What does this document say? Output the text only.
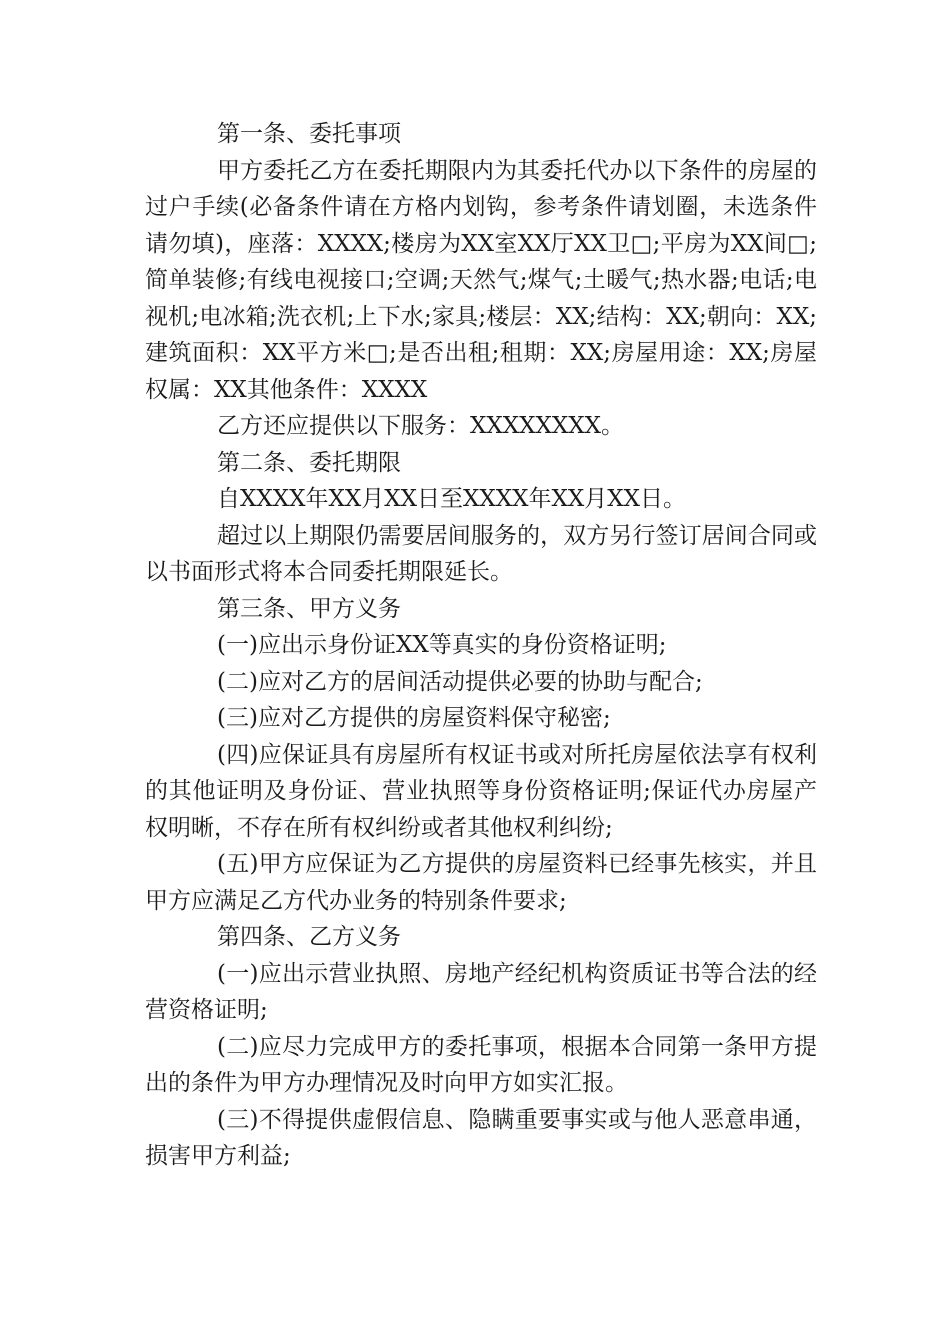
第一条、委托事项

甲方委托乙方在委托期限内为其委托代办以下条件的房屋的过户手续(必备条件请在方格内划钩，参考条件请划圈，未选条件请勿填)，座落：XXXX;楼房为XX室XX厅XX卫□;平房为XX间□;简单装修;有线电视接口;空调;天然气;煤气;土暖气;热水器;电话;电视机;电冰箱;洗衣机;上下水;家具;楼层：XX;结构：XX;朝向：XX;建筑面积：XX平方米□;是否出租;租期：XX;房屋用途：XX;房屋权属：XX其他条件：XXXX

乙方还应提供以下服务：XXXXXXXX。

第二条、委托期限

自XXXX年XX月XX日至XXXX年XX月XX日。

超过以上期限仍需要居间服务的，双方另行签订居间合同或以书面形式将本合同委托期限延长。

第三条、甲方义务

(一)应出示身份证XX等真实的身份资格证明;

(二)应对乙方的居间活动提供必要的协助与配合;

(三)应对乙方提供的房屋资料保守秘密;

(四)应保证具有房屋所有权证书或对所托房屋依法享有权利的其他证明及身份证、营业执照等身份资格证明;保证代办房屋产权明晰，不存在所有权纠纷或者其他权利纠纷;

(五)甲方应保证为乙方提供的房屋资料已经事先核实，并且甲方应满足乙方代办业务的特别条件要求;

第四条、乙方义务

(一)应出示营业执照、房地产经纪机构资质证书等合法的经营资格证明;

(二)应尽力完成甲方的委托事项，根据本合同第一条甲方提出的条件为甲方办理情况及时向甲方如实汇报。

(三)不得提供虚假信息、隐瞒重要事实或与他人恶意串通，损害甲方利益;
